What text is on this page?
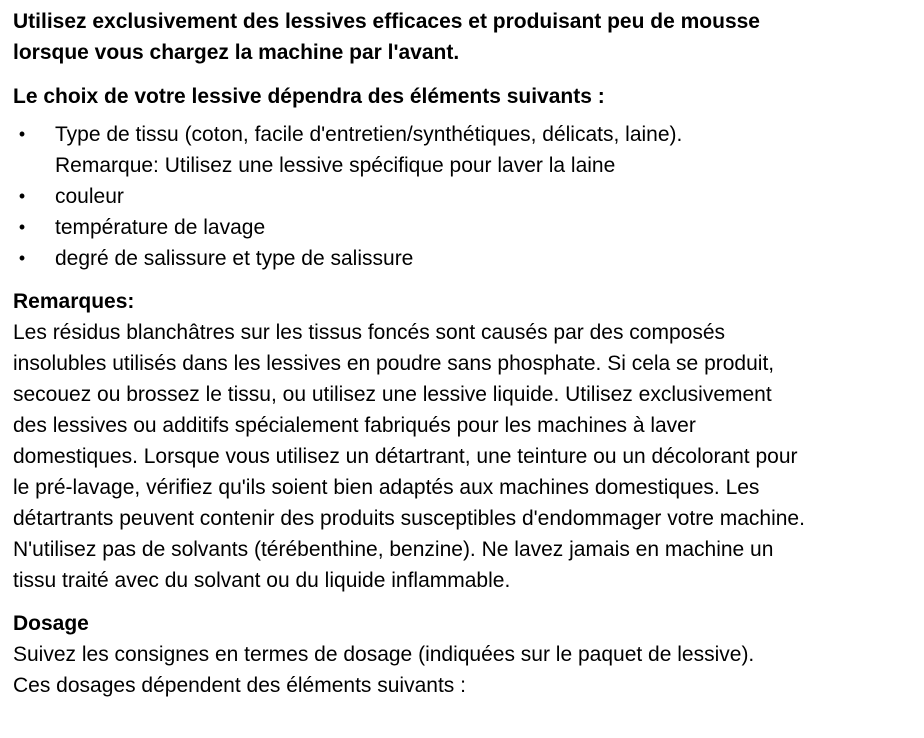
Utilisez exclusivement des lessives efficaces et produisant peu de mousse
lorsque vous chargez la machine par l'avant.

Le choix de votre lessive dépendra des éléments suivants :
• Type de tissu (coton, facile d'entretien/synthétiques, délicats, laine).
Remarque: Utilisez une lessive spécifique pour laver la laine
• couleur
• température de lavage
• degré de salissure et type de salissure
Remarques:

Les résidus blanchâtres sur les tissus foncés sont causés par des composés
insolubles utilisés dans les lessives en poudre sans phosphate. Si cela se produit,
secouez ou brossez le tissu, ou utilisez une lessive liquide. Utilisez exclusivement
des lessives ou additifs spécialement fabriqués pour les machines à laver
domestiques. Lorsque vous utilisez un détartrant, une teinture ou un décolorant pour
le pré-lavage, vérifiez qu'ils soient bien adaptés aux machines domestiques. Les
détartrants peuvent contenir des produits susceptibles d'endommager votre machine.
N'utilisez pas de solvants (térébenthine, benzine). Ne lavez jamais en machine un
tissu traité avec du solvant ou du liquide inflammable.

Dosage

Suivez les consignes en termes de dosage (indiquées sur le paquet de lessive).
Ces dosages dépendent des éléments suivants :
